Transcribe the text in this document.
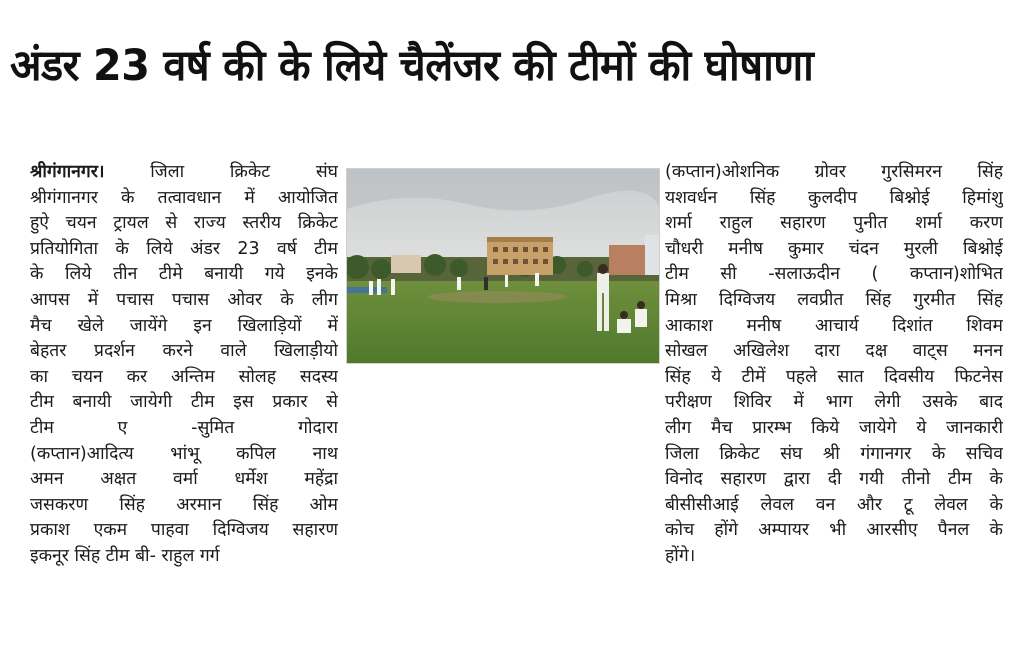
अंडर 23 वर्ष की के लिये चैलेंजर की टीमों की घोषाणा
श्रीगंगानगर। जिला क्रिकेट संघ
श्रीगंगानगर के तत्वावधान में आयोजित
हुऐ चयन ट्रायल से राज्य स्तरीय क्रिकेट
प्रतियोगिता के लिये अंडर 23 वर्ष टीम
के लिये तीन टीमे बनायी गये इनके
आपस में पचास पचास ओवर के लीग
मैच खेले जायेंगे इन खिलाड़ियों में
बेहतर प्रदर्शन करने वाले खिलाड़ीयो
का चयन कर अन्तिम सोलह सदस्य
टीम बनायी जायेगी टीम इस प्रकार से
टीम ए -सुमित गोदारा
(कप्तान)आदित्य भांभू कपिल नाथ
अमन अक्षत वर्मा धर्मेश महेंद्रा
जसकरण सिंह अरमान सिंह ओम
प्रकाश एकम पाहवा दिग्विजय सहारण
इकनूर सिंह टीम बी- राहुल गर्ग
(कप्तान)ओशनिक ग्रोवर गुरसिमरन सिंह
यशवर्धन सिंह कुलदीप बिश्नोई हिमांशु
शर्मा राहुल सहारण पुनीत शर्मा करण
चौधरी मनीष कुमार चंदन मुरली बिश्नोई
टीम सी -सलाऊदीन ( कप्तान)शोभित
मिश्रा दिग्विजय लवप्रीत सिंह गुरमीत सिंह
आकाश मनीष आचार्य दिशांत शिवम
सोखल अखिलेश दारा दक्ष वाट्स मनन
सिंह ये टीमें पहले सात दिवसीय फिटनेस
परीक्षण शिविर में भाग लेगी उसके बाद
लीग मैच प्रारम्भ किये जायेगे ये जानकारी
जिला क्रिकेट संघ श्री गंगानगर के सचिव
विनोद सहारण द्वारा दी गयी तीनो टीम के
बीसीसीआई लेवल वन और टू लेवल के
कोच होंगे अम्पायर भी आरसीए पैनल के
होंगे।
